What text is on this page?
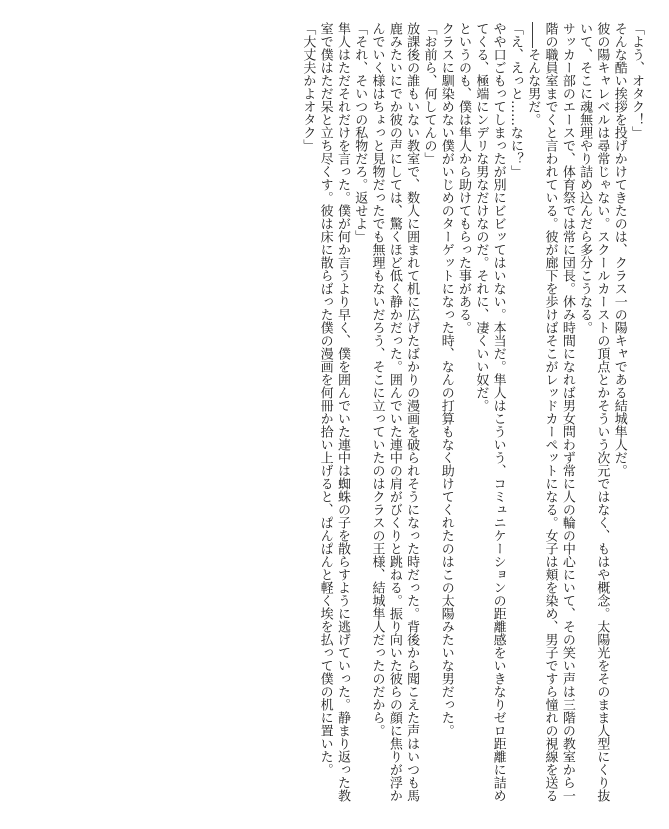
「よう、オタク！」

そんな酷い挨拶を投げかけてきたのは、クラス一の陽キャである結城隼人だ。

彼の陽キャレベルは尋常じゃない。スクールカーストの頂点とかそういう次元ではなく、もはや概念。太陽光をそのまま人型にくり抜いて、そこに魂無理やり詰め込んだら多分こうなる。

サッカー部のエースで、体育祭では常に団長。休み時間になれば男女問わず常に人の輪の中心にいて、その笑い声は三階の教室から一階の職員室までくと言われている。彼が廊下を歩けばそこがレッドカーペットになる。女子は頬を染め、男子ですら憧れの視線を送る――そんな男だ。

「え、えっと……なに？」

やや口ごもってしまったが別にビビッてはいない。本当だ。隼人はこういう、コミュニケーションの距離感をいきなりゼロ距離に詰めてくる、極端にンデリな男なだけなのだ。それに、凄くいい奴だ。

というのも、僕は隼人から助けてもらった事がある。

クラスに馴染めない僕がいじめのターゲットになった時、なんの打算もなく助けてくれたのはこの太陽みたいな男だった。

「お前ら、何してんの」

放課後の誰もいない教室で、数人に囲まれて机に広げたばかりの漫画を破られそうになった時だった。背後から聞こえた声はいつも馬鹿みたいにでか彼の声にしては、驚くほど低く静かだった。囲んでいた連中の肩がびくりと跳ねる。振り向いた彼らの顔に焦りが浮かんでいく様はちょっと見物だったでも無理もないだろう、そこに立っていたのはクラスの王様、結城隼人だったのだから。

「それ、そいつの私物だろ。返せよ」

隼人はただそれだけを言った。僕が何か言うより早く、僕を囲んでいた連中は蜘蛛の子を散らすように逃げていった。静まり返った教室で僕はただ呆と立ち尽くす。彼は床に散らばった僕の漫画を何冊か拾い上げると、ぱんぱんと軽く埃を払って僕の机に置いた。

「大丈夫かよオタク」
